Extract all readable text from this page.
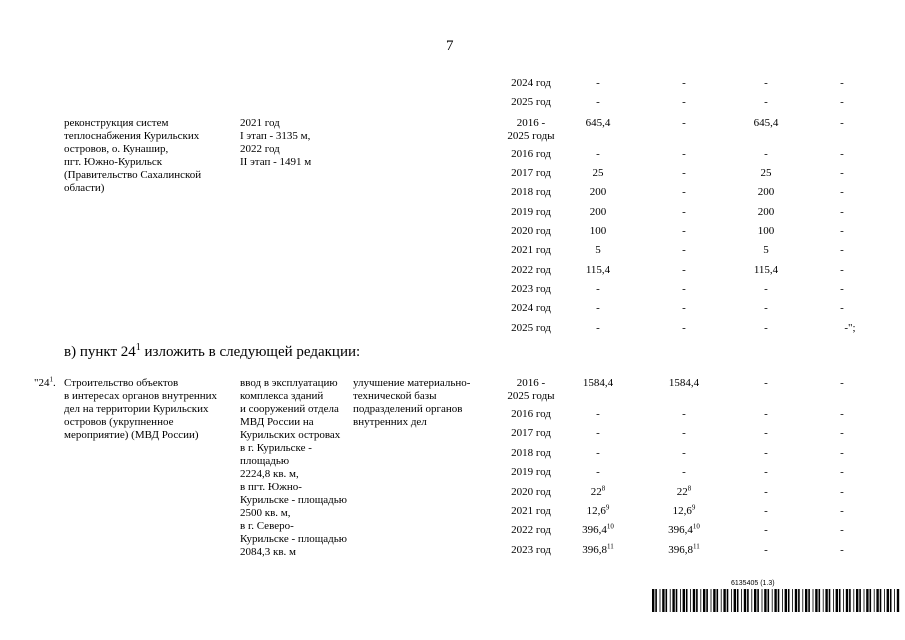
7
2024 год	-	-	-	-
2025 год	-	-	-	-
реконструкция систем
теплоснабжения Курильских
островов, о. Кунашир,
пгт. Южно-Курильск
(Правительство Сахалинской
области)
2021 год
I этап - 3135 м,
2022 год
II этап - 1491 м
2016 -
2025 годы
645,4	-	645,4	-
2016 год	-	-	-	-
2017 год	25	-	25	-
2018 год	200	-	200	-
2019 год	200	-	200	-
2020 год	100	-	100	-
2021 год	5	-	5	-
2022 год	115,4	-	115,4	-
2023 год	-	-	-	-
2024 год	-	-	-	-
2025 год	-	-	-	-";
в) пункт $24^1$ изложить в следующей редакции:
"$24^1$. Строительство объектов
в интересах органов внутренних
дел на территории Курильских
островов (укрупненное
мероприятие) (МВД России)
ввод в эксплуатацию
комплекса зданий
и сооружений отдела
МВД России на
Курильских островах
в г. Курильске -
площадью
2224,8 кв. м,
в пгт. Южно-
Курильске - площадью
2500 кв. м,
в г. Северо-
Курильске - площадью
2084,3 кв. м
улучшение материально-
технической базы
подразделений органов
внутренних дел
2016 -
2025 годы
1584,4	1584,4	-	-
2016 год	-	-	-	-
2017 год	-	-	-	-
2018 год	-	-	-	-
2019 год	-	-	-	-
2020 год	$22^8$	$22^8$	-	-
2021 год	12,6$^9$	12,6$^9$	-	-
2022 год	396,4$^{10}$	396,4$^{10}$	-	-
2023 год	396,8$^{11}$	396,8$^{11}$	-	-
6135405 (1.3)
